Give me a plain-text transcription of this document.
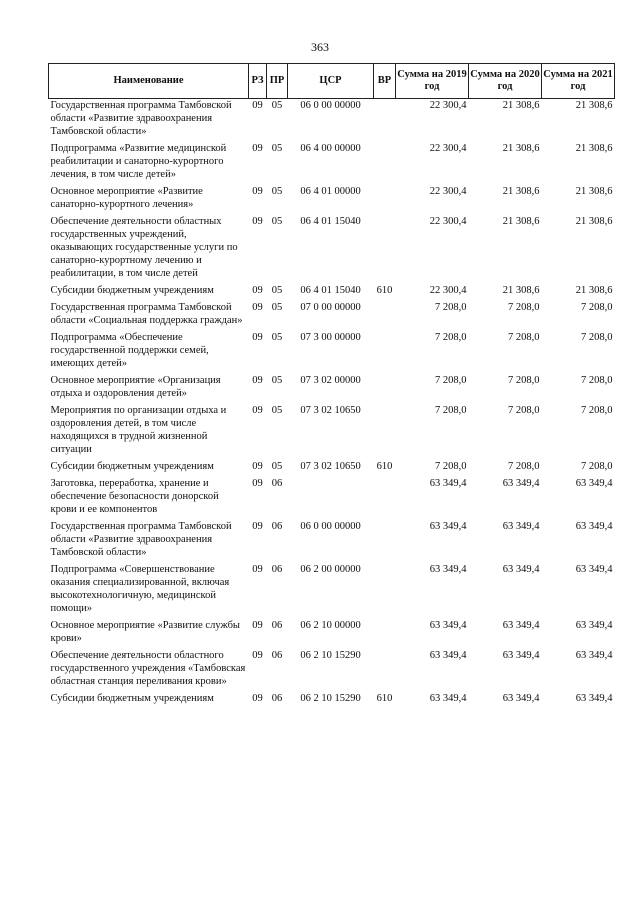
363
Наименование	РЗ	ПР	ЦСР	ВР	Сумма на 2019 год	Сумма на 2020 год	Сумма на 2021 год
Государственная программа Тамбовской области «Развитие здравоохранения Тамбовской области»	09	05	06 0 00 00000		22 300,4	21 308,6	21 308,6
Подпрограмма «Развитие медицинской реабилитации и санаторно-курортного лечения, в том числе детей»	09	05	06 4 00 00000		22 300,4	21 308,6	21 308,6
Основное мероприятие «Развитие санаторно-курортного лечения»	09	05	06 4 01 00000		22 300,4	21 308,6	21 308,6
Обеспечение деятельности областных государственных учреждений, оказывающих государственные услуги по санаторно-курортному лечению и реабилитации, в том числе детей	09	05	06 4 01 15040		22 300,4	21 308,6	21 308,6
Субсидии бюджетным учреждениям	09	05	06 4 01 15040	610	22 300,4	21 308,6	21 308,6
Государственная программа Тамбовской области «Социальная поддержка граждан»	09	05	07 0 00 00000		7 208,0	7 208,0	7 208,0
Подпрограмма «Обеспечение государственной поддержки семей, имеющих детей»	09	05	07 3 00 00000		7 208,0	7 208,0	7 208,0
Основное мероприятие «Организация отдыха и оздоровления детей»	09	05	07 3 02 00000		7 208,0	7 208,0	7 208,0
Мероприятия по организации отдыха и оздоровления детей, в том числе находящихся в трудной жизненной ситуации	09	05	07 3 02 10650		7 208,0	7 208,0	7 208,0
Субсидии бюджетным учреждениям	09	05	07 3 02 10650	610	7 208,0	7 208,0	7 208,0
Заготовка, переработка, хранение и обеспечение безопасности донорской крови и ее компонентов	09	06			63 349,4	63 349,4	63 349,4
Государственная программа Тамбовской области «Развитие здравоохранения Тамбовской области»	09	06	06 0 00 00000		63 349,4	63 349,4	63 349,4
Подпрограмма «Совершенствование оказания специализированной, включая высокотехнологичную, медицинской помощи»	09	06	06 2 00 00000		63 349,4	63 349,4	63 349,4
Основное мероприятие «Развитие службы крови»	09	06	06 2 10 00000		63 349,4	63 349,4	63 349,4
Обеспечение деятельности областного государственного учреждения «Тамбовская областная станция переливания крови»	09	06	06 2 10 15290		63 349,4	63 349,4	63 349,4
Субсидии бюджетным учреждениям	09	06	06 2 10 15290	610	63 349,4	63 349,4	63 349,4
